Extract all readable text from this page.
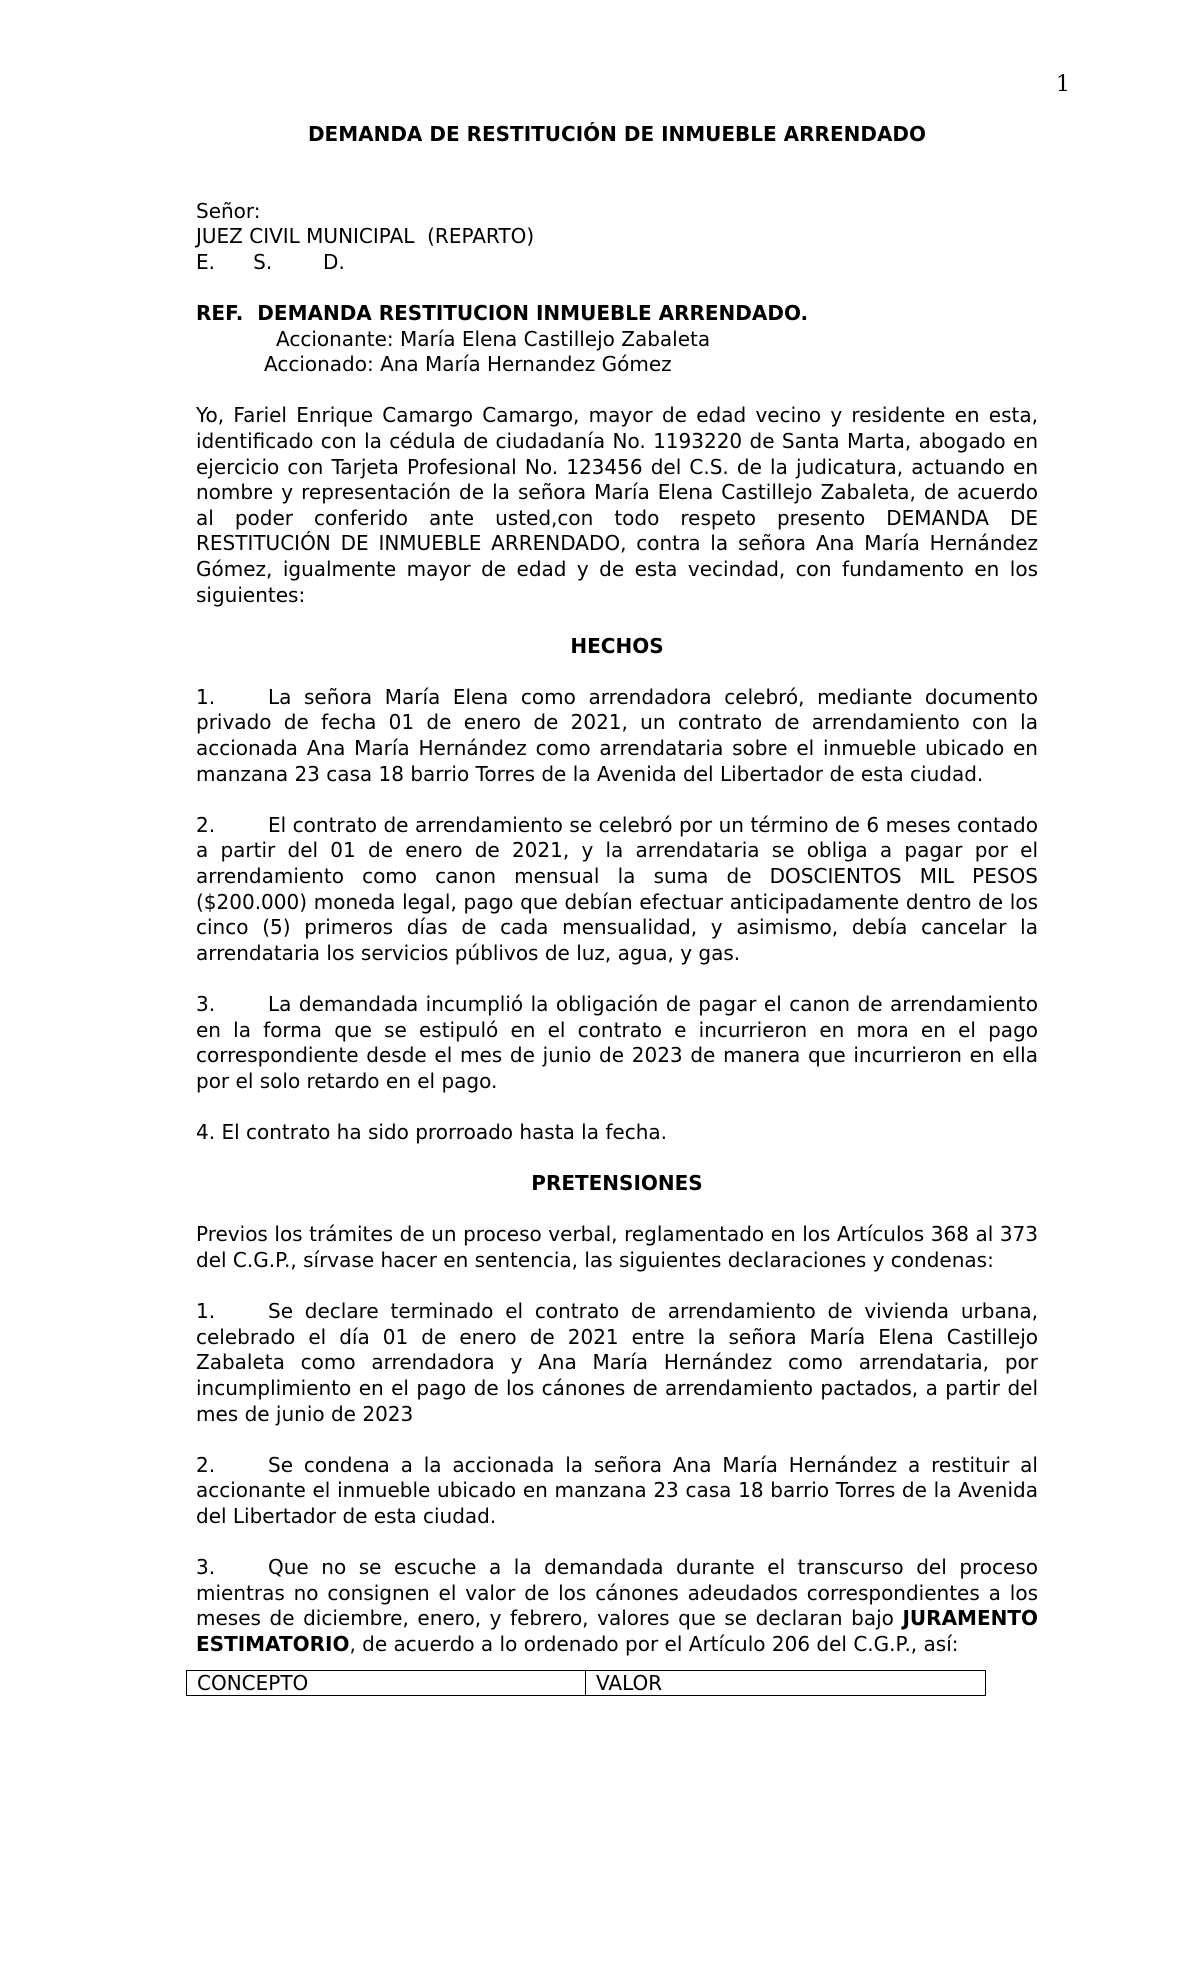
1

DEMANDA DE RESTITUCIÓN DE INMUEBLE ARRENDADO

Señor:

JUEZ CIVIL MUNICIPAL  (REPARTO)

E.      S.        D.

REF.  DEMANDA RESTITUCION INMUEBLE ARRENDADO.

Accionante: María Elena Castillejo Zabaleta

Accionado: Ana María Hernandez Gómez

Yo, Fariel Enrique Camargo Camargo, mayor de edad vecino y residente en esta, identificado con la cédula de ciudadanía No. 1193220 de Santa Marta, abogado en ejercicio con Tarjeta Profesional No. 123456 del C.S. de la judicatura, actuando en nombre y representación de la señora María Elena Castillejo Zabaleta, de acuerdo al poder conferido ante usted,con todo respeto presento DEMANDA DE RESTITUCIÓN DE INMUEBLE ARRENDADO, contra la señora Ana María Hernández Gómez, igualmente mayor de edad y de esta vecindad, con fundamento en los siguientes:

HECHOS

1.	La señora María Elena como arrendadora celebró, mediante documento privado de fecha 01 de enero de 2021, un contrato de arrendamiento con la accionada Ana María Hernández como arrendataria sobre el inmueble ubicado en manzana 23 casa 18 barrio Torres de la Avenida del Libertador de esta ciudad.

2.	El contrato de arrendamiento se celebró por un término de 6 meses contado a partir del 01 de enero de 2021, y la arrendataria se obliga a pagar por el arrendamiento como canon mensual la suma de DOSCIENTOS MIL PESOS ($200.000) moneda legal, pago que debían efectuar anticipadamente dentro de los cinco (5) primeros días de cada mensualidad, y asimismo, debía cancelar la arrendataria los servicios públivos de luz, agua, y gas.

3.	La demandada incumplió la obligación de pagar el canon de arrendamiento en la forma que se estipuló en el contrato e incurrieron en mora en el pago correspondiente desde el mes de junio de 2023 de manera que incurrieron en ella por el solo retardo en el pago.

4. El contrato ha sido prorroado hasta la fecha.

PRETENSIONES

Previos los trámites de un proceso verbal, reglamentado en los Artículos 368 al 373 del C.G.P., sírvase hacer en sentencia, las siguientes declaraciones y condenas:

1.	Se declare terminado el contrato de arrendamiento de vivienda urbana, celebrado el día 01 de enero de 2021 entre la señora María Elena Castillejo Zabaleta como arrendadora y Ana María Hernández como arrendataria, por incumplimiento en el pago de los cánones de arrendamiento pactados, a partir del mes de junio de 2023

2.	Se condena a la accionada la señora Ana María Hernández a restituir al accionante el inmueble ubicado en manzana 23 casa 18 barrio Torres de la Avenida del Libertador de esta ciudad.

3.	Que no se escuche a la demandada durante el transcurso del proceso mientras no consignen el valor de los cánones adeudados correspondientes a los meses de diciembre, enero, y febrero, valores que se declaran bajo JURAMENTO ESTIMATORIO, de acuerdo a lo ordenado por el Artículo 206 del C.G.P., así:

CONCEPTO	VALOR
